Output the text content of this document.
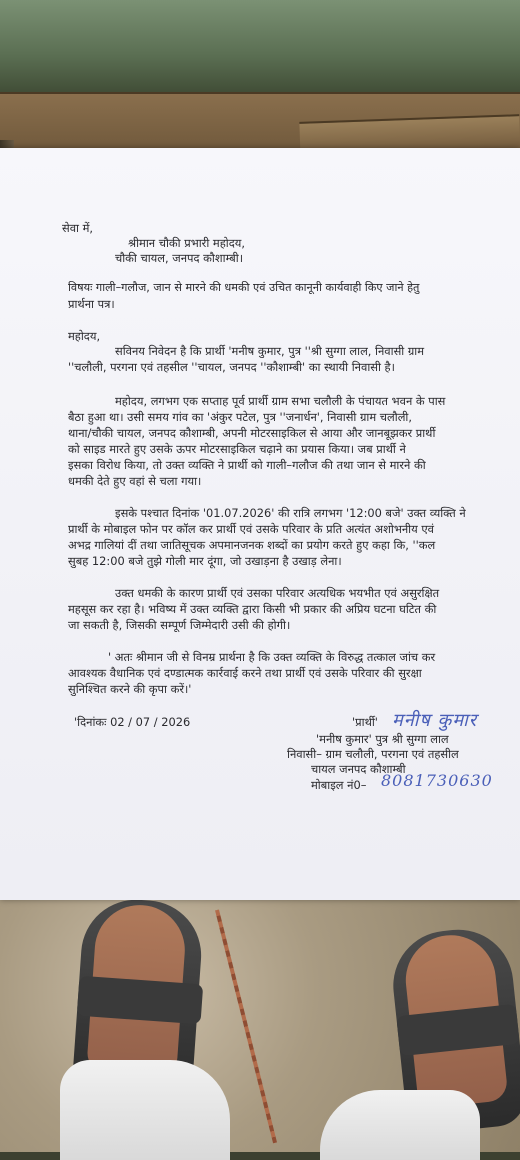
सेवा में,

श्रीमान चौकी प्रभारी महोदय,

चौकी चायल, जनपद कौशाम्बी।

विषयः गाली–गलौज, जान से मारने की धमकी एवं उचित कानूनी कार्यवाही किए जाने हेतु

प्रार्थना पत्र।

महोदय,

सविनय निवेदन है कि प्रार्थी 'मनीष कुमार, पुत्र ''श्री सुग्गा लाल, निवासी ग्राम

''चलौली, परगना एवं तहसील ''चायल, जनपद ''कौशाम्बी' का स्थायी निवासी है।

महोदय, लगभग एक सप्ताह पूर्व प्रार्थी ग्राम सभा चलौली के पंचायत भवन के पास

बैठा हुआ था। उसी समय गांव का 'अंकुर पटेल, पुत्र ''जनार्धन', निवासी ग्राम चलौली,

थाना/चौकी चायल, जनपद कौशाम्बी, अपनी मोटरसाइकिल से आया और जानबूझकर प्रार्थी

को साइड मारते हुए उसके ऊपर मोटरसाइकिल चढ़ाने का प्रयास किया। जब प्रार्थी ने

इसका विरोध किया, तो उक्त व्यक्ति ने प्रार्थी को गाली–गलौज की तथा जान से मारने की

धमकी देते हुए वहां से चला गया।

इसके पश्चात दिनांक '01.07.2026' की रात्रि लगभग '12:00 बजे' उक्त व्यक्ति ने

प्रार्थी के मोबाइल फोन पर कॉल कर प्रार्थी एवं उसके परिवार के प्रति अत्यंत अशोभनीय एवं

अभद्र गालियां दीं तथा जातिसूचक अपमानजनक शब्दों का प्रयोग करते हुए कहा कि, ''कल

सुबह 12:00 बजे तुझे गोली मार दूंगा, जो उखाड़ना है उखाड़ लेना।

उक्त धमकी के कारण प्रार्थी एवं उसका परिवार अत्यधिक भयभीत एवं असुरक्षित

महसूस कर रहा है। भविष्य में उक्त व्यक्ति द्वारा किसी भी प्रकार की अप्रिय घटना घटित की

जा सकती है, जिसकी सम्पूर्ण जिम्मेदारी उसी की होगी।

' अतः श्रीमान जी से विनम्र प्रार्थना है कि उक्त व्यक्ति के विरुद्ध तत्काल जांच कर

आवश्यक वैधानिक एवं दण्डात्मक कार्रवाई करने तथा प्रार्थी एवं उसके परिवार की सुरक्षा

सुनिश्चित करने की कृपा करें।'

'दिनांकः 02 / 07 / 2026	'प्रार्थी' मनीष कुमार

'मनीष कुमार' पुत्र श्री सुग्गा लाल

निवासी– ग्राम चलौली, परगना एवं तहसील

चायल जनपद कौशाम्बी

मोबाइल नं0– 8081730630
